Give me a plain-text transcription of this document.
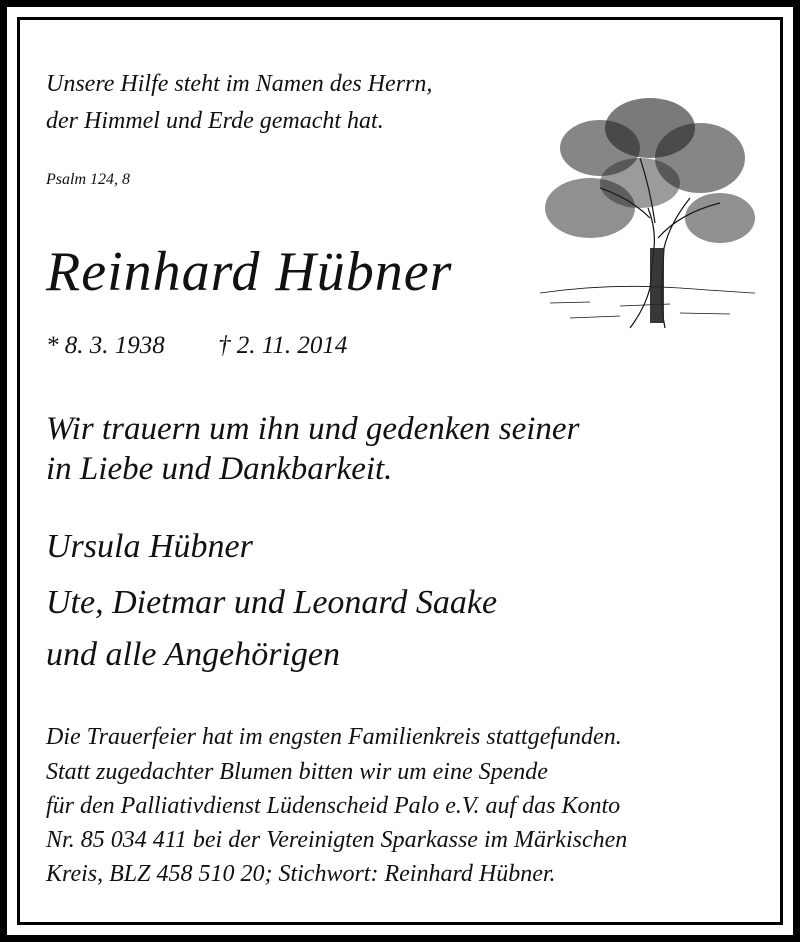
Unsere Hilfe steht im Namen des Herrn,
der Himmel und Erde gemacht hat.
Psalm 124, 8
Reinhard Hübner
* 8. 3. 1938 † 2. 11. 2014
Wir trauern um ihn und gedenken seiner
in Liebe und Dankbarkeit.
Ursula Hübner
Ute, Dietmar und Leonard Saake
und alle Angehörigen
Die Trauerfeier hat im engsten Familienkreis stattgefunden.
Statt zugedachter Blumen bitten wir um eine Spende
für den Palliativdienst Lüdenscheid Palo e.V. auf das Konto
Nr. 85 034 411 bei der Vereinigten Sparkasse im Märkischen
Kreis, BLZ 458 510 20; Stichwort: Reinhard Hübner.
